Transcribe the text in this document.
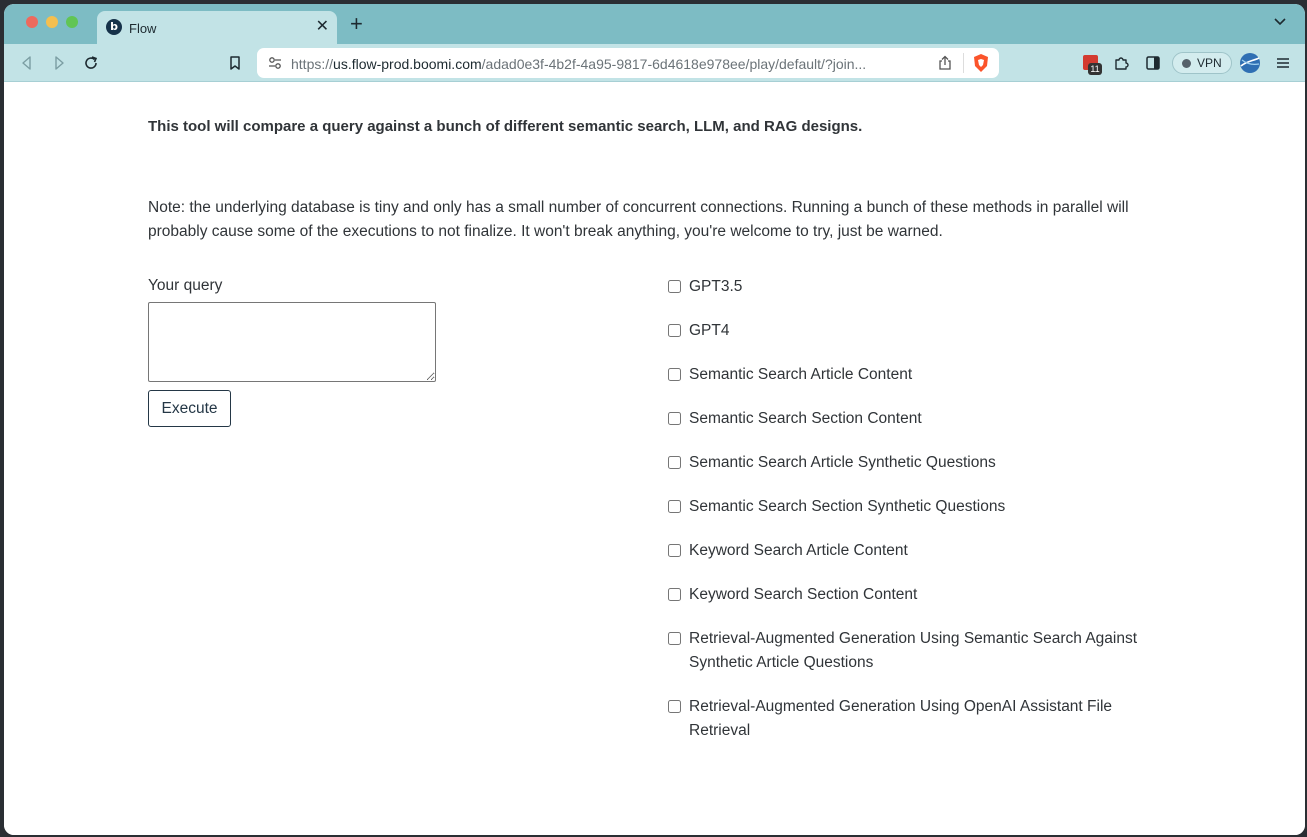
b Flow	✕ +
https://us.flow-prod.boomi.com/adad0e3f-4b2f-4a95-9817-6d4618e978ee/play/default/?join...	11	VPN

This tool will compare a query against a bunch of different semantic search, LLM, and RAG designs.

Note: the underlying database is tiny and only has a small number of concurrent connections. Running a bunch of these methods in parallel will probably cause some of the executions to not finalize. It won't break anything, you're welcome to try, just be warned.

Your query
Execute
GPT3.5
GPT4
Semantic Search Article Content
Semantic Search Section Content
Semantic Search Article Synthetic Questions
Semantic Search Section Synthetic Questions
Keyword Search Article Content
Keyword Search Section Content
Retrieval-Augmented Generation Using Semantic Search Against Synthetic Article Questions
Retrieval-Augmented Generation Using OpenAI Assistant File Retrieval
